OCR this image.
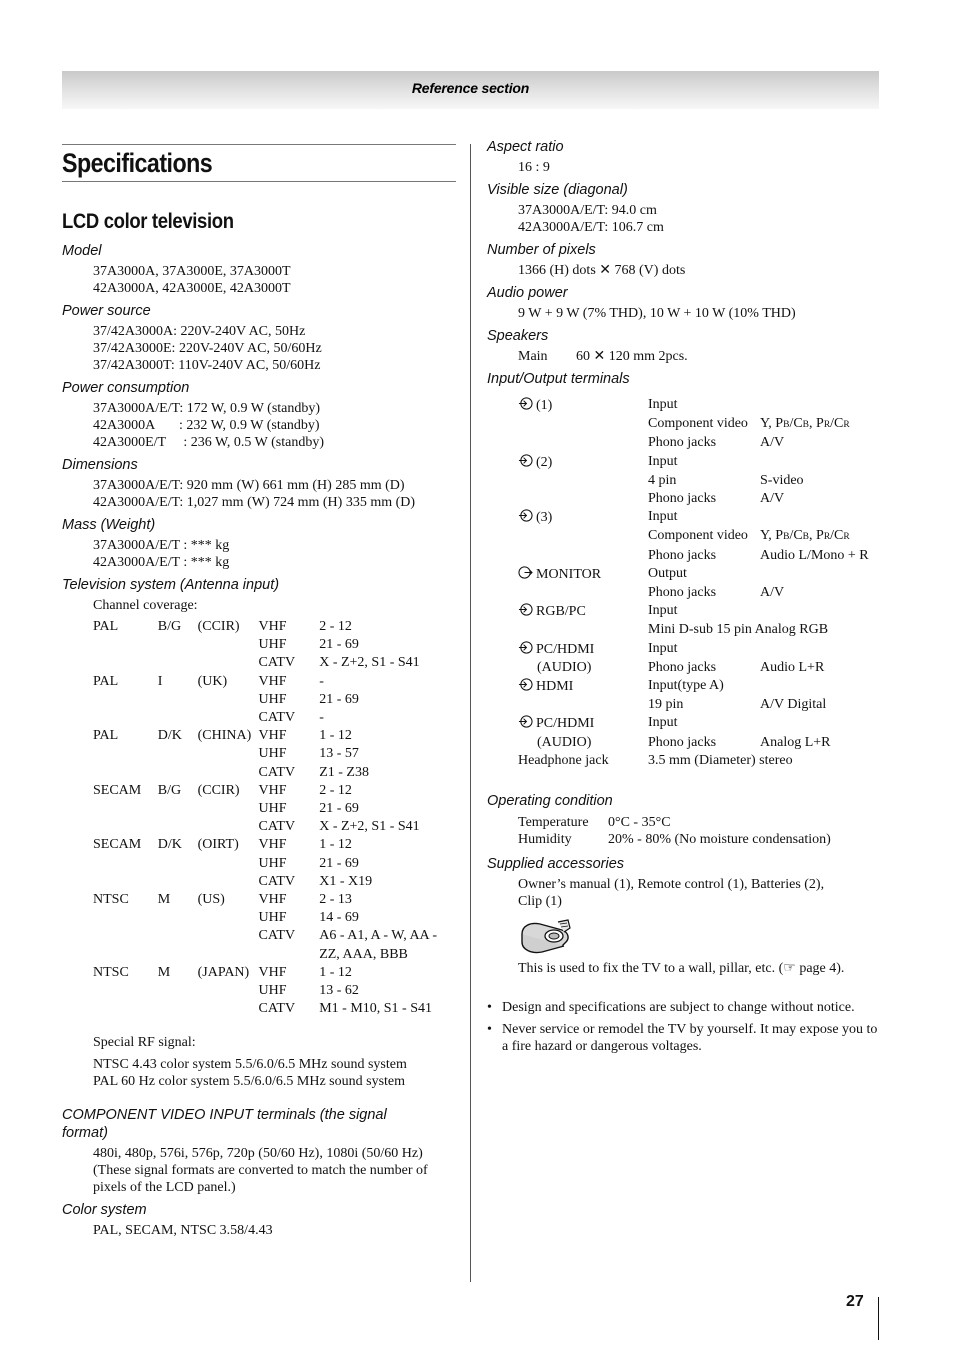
Reference section
Specifications
LCD color television
Model
37A3000A, 37A3000E, 37A3000T
42A3000A, 42A3000E, 42A3000T
Power source
37/42A3000A: 220V-240V AC, 50Hz
37/42A3000E: 220V-240V AC, 50/60Hz
37/42A3000T: 110V-240V AC, 50/60Hz
Power consumption
37A3000A/E/T: 172 W, 0.9 W (standby)
42A3000A       : 232 W, 0.9 W (standby)
42A3000E/T     : 236 W, 0.5 W (standby)
Dimensions
37A3000A/E/T: 920 mm (W) 661 mm (H) 285 mm (D)
42A3000A/E/T: 1,027 mm (W) 724 mm (H) 335 mm (D)
Mass (Weight)
37A3000A/E/T : *** kg
42A3000A/E/T : *** kg
Television system (Antenna input)
Channel coverage:
PAL	B/G	(CCIR)	VHF	2 - 12
			UHF	21 - 69
			CATV	X - Z+2, S1 - S41
PAL	I	(UK)	VHF	-
			UHF	21 - 69
			CATV	-
PAL	D/K	(CHINA)	VHF	1 - 12
			UHF	13 - 57
			CATV	Z1 - Z38
SECAM	B/G	(CCIR)	VHF	2 - 12
			UHF	21 - 69
			CATV	X - Z+2, S1 - S41
SECAM	D/K	(OIRT)	VHF	1 - 12
			UHF	21 - 69
			CATV	X1 - X19
NTSC	M	(US)	VHF	2 - 13
			UHF	14 - 69
			CATV	A6 - A1, A - W, AA - ZZ, AAA, BBB
NTSC	M	(JAPAN)	VHF	1 - 12
			UHF	13 - 62
			CATV	M1 - M10, S1 - S41
Special RF signal:
NTSC 4.43 color system 5.5/6.0/6.5 MHz sound system
PAL 60 Hz color system 5.5/6.0/6.5 MHz sound system
COMPONENT VIDEO INPUT terminals (the signal
format)
480i, 480p, 576i, 576p, 720p (50/60 Hz), 1080i (50/60 Hz)
(These signal formats are converted to match the number of
pixels of the LCD panel.)
Color system
PAL, SECAM, NTSC 3.58/4.43
Aspect ratio
16 : 9
Visible size (diagonal)
37A3000A/E/T: 94.0 cm
42A3000A/E/T: 106.7 cm
Number of pixels
1366 (H) dots ✕ 768 (V) dots
Audio power
9 W + 9 W (7% THD), 10 W + 10 W (10% THD)
Speakers
Main 60 ✕ 120 mm 2pcs.
Input/Output terminals
(1)	Input	
	Component video	Y, PB/CB, PR/CR
	Phono jacks	A/V
(2)	Input	
	4 pin	S-video
	Phono jacks	A/V
(3)	Input	
	Component video	Y, PB/CB, PR/CR
	Phono jacks	Audio L/Mono + R
MONITOR	Output	
	Phono jacks	A/V
RGB/PC	Input	
	Mini D-sub 15 pin Analog RGB	
PC/HDMI	Input	
(AUDIO)	Phono jacks	Audio L+R
HDMI	Input(type A)	
	19 pin	A/V Digital
PC/HDMI	Input	
(AUDIO)	Phono jacks	Analog L+R
Headphone jack	3.5 mm (Diameter) stereo	
Operating condition
Temperature	0°C - 35°C
Humidity	20% - 80% (No moisture condensation)
Supplied accessories
Owner’s manual (1), Remote control (1), Batteries (2),
Clip (1)
This is used to fix the TV to a wall, pillar, etc. (☞ page 4).
• Design and specifications are subject to change without notice.
• Never service or remodel the TV by yourself. It may expose you to a fire hazard or dangerous voltages.
27
